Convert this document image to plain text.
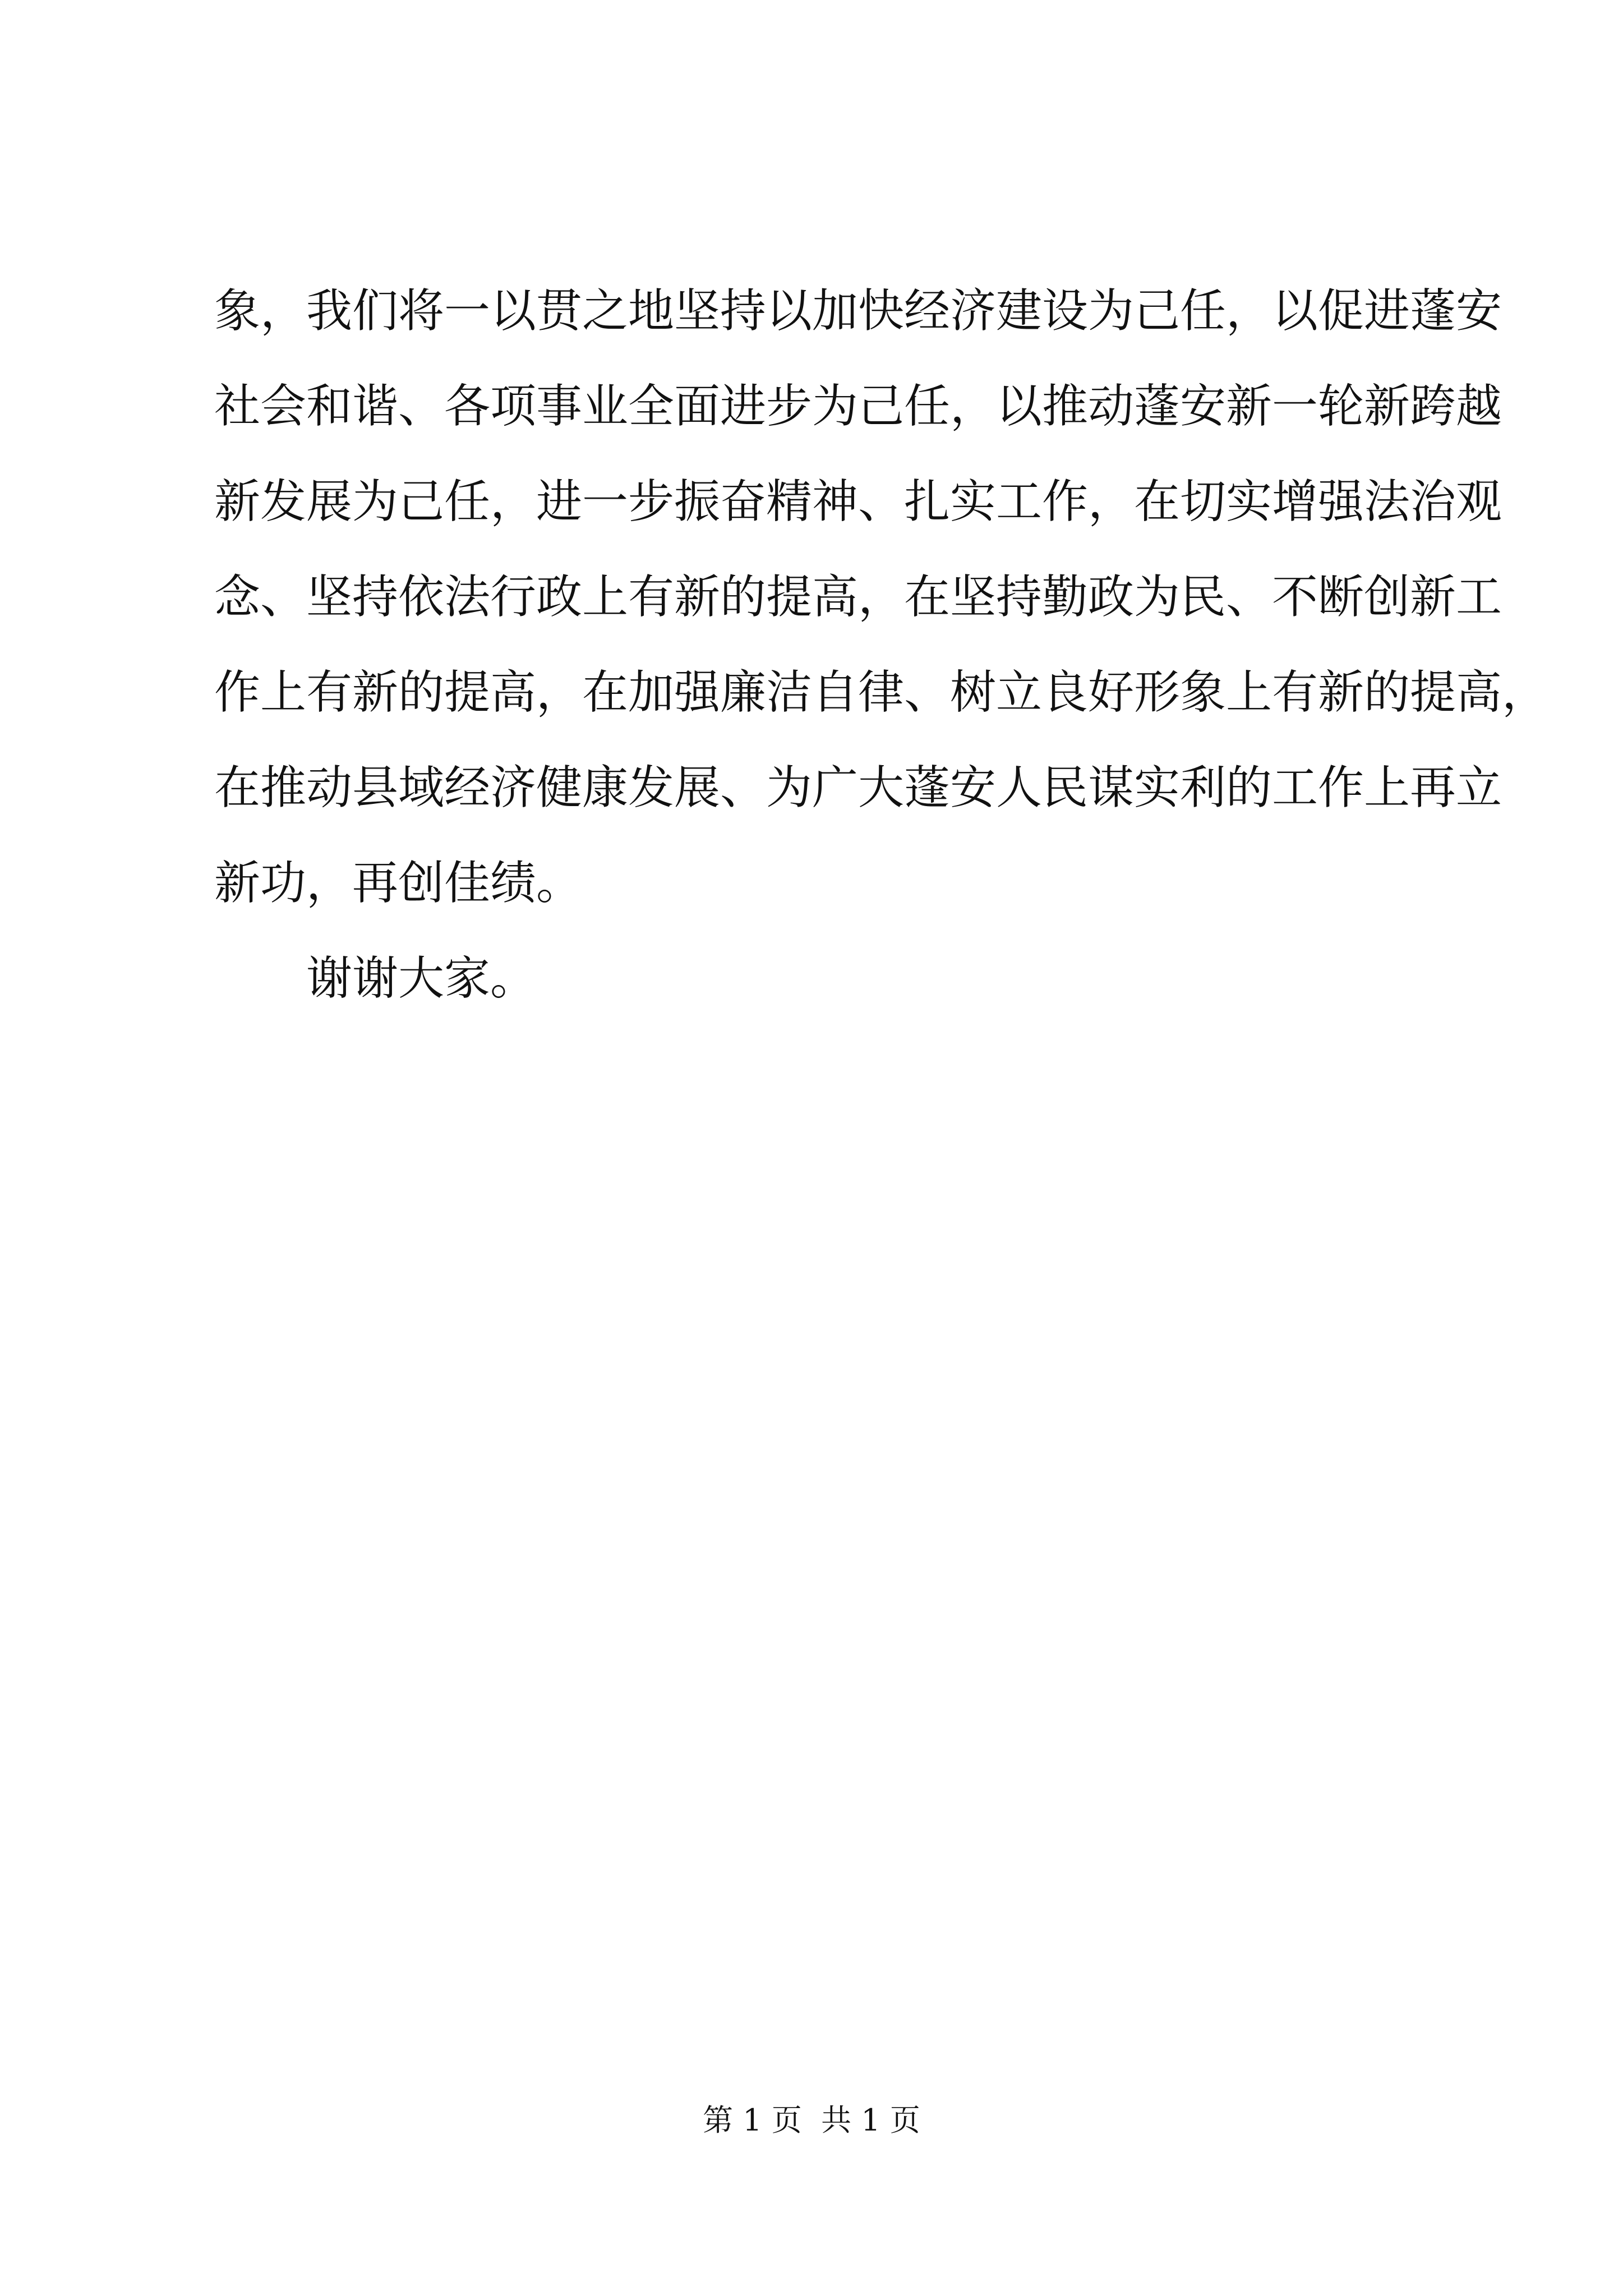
象，我们将一以贯之地坚持以加快经济建设为己任，以促进蓬安
社会和谐、各项事业全面进步为己任，以推动蓬安新一轮新跨越
新发展为己任，进一步振奋精神、扎实工作，在切实增强法治观
念、坚持依法行政上有新的提高，在坚持勤政为民、不断创新工
作上有新的提高，在加强廉洁自律、树立良好形象上有新的提高，
在推动县域经济健康发展、为广大蓬安人民谋实利的工作上再立
新功，再创佳绩。
谢谢大家。
第 1 页  共 1 页
